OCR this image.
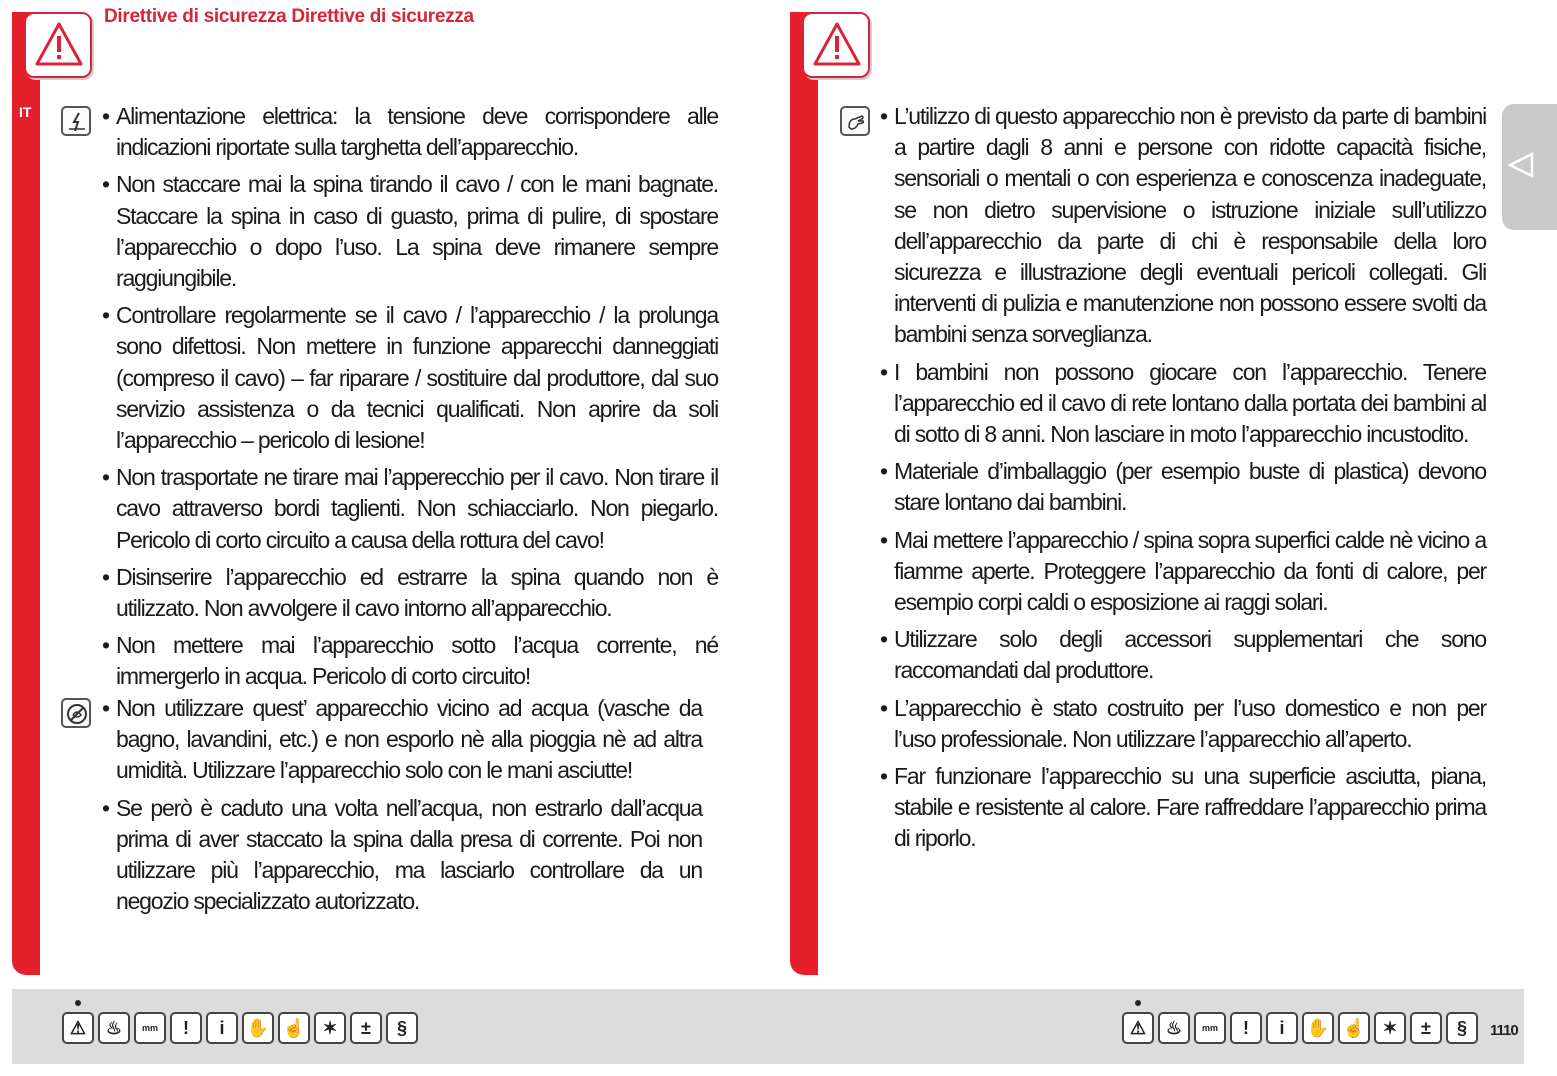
Direttive di sicurezza Direttive di sicurezza
IT
•	Alimentazione elettrica: la tensione deve corrispondere alle indicazioni riportate sulla targhetta dell’apparecchio.
• Non staccare mai la spina tirando il cavo / con le mani bagnate. Staccare la spina in caso di guasto, prima di pulire, di spostare l’apparecchio o dopo l’uso. La spina deve rimanere sempre raggiungibile.
• Controllare regolarmente se il cavo / l’apparecchio / la prolunga sono difettosi. Non mettere in funzione apparecchi danneggiati (compreso il cavo) – far riparare / sostituire dal produttore, dal suo servizio assistenza o da tecnici qualificati. Non aprire da soli l’apparecchio – pericolo di lesione!
• Non trasportate ne tirare mai l’apperecchio per il cavo. Non tirare il cavo attraverso bordi taglienti. Non schiacciarlo. Non piegarlo. Pericolo di corto circuito a causa della rottura del cavo!
• Disinserire l’apparecchio ed estrarre la spina quando non è utilizzato. Non avvolgere il cavo intorno all’apparecchio.
• Non mettere mai l’apparecchio sotto l’acqua corrente, né immergerlo in acqua. Pericolo di corto circuito!
• Non utilizzare quest’ apparecchio vicino ad acqua (vasche da bagno, lavandini, etc.) e non esporlo nè alla pioggia nè ad altra umidità. Utilizzare l’apparecchio solo con le mani asciutte!
• Se però è caduto una volta nell’acqua, non estrarlo dall’acqua prima di aver staccato la spina dalla presa di corrente. Poi non utilizzare più l’apparecchio, ma lasciarlo controllare da un negozio specializzato autorizzato.
• L’utilizzo di questo apparecchio non è previsto da parte di bambini a partire dagli 8 anni e persone con ridotte capacità fisiche, sensoriali o mentali o con esperienza e conoscenza inadeguate, se non dietro supervisione o istruzione iniziale sull’utilizzo dell’apparecchio da parte di chi è responsabile della loro sicurezza e illustrazione degli eventuali pericoli collegati. Gli interventi di pulizia e manutenzione non possono essere svolti da bambini senza sorveglianza.
• I bambini non possono giocare con l’apparecchio. Tenere l’apparecchio ed il cavo di rete lontano dalla portata dei bambini al di sotto di 8 anni. Non lasciare in moto l’apparecchio incustodito.
• Materiale d’imballaggio (per esempio buste di plastica) devono stare lontano dai bambini.
• Mai mettere l’apparecchio / spina sopra superfici calde nè vicino a fiamme aperte. Proteggere l’apparecchio da fonti di calore, per esempio corpi caldi o esposizione ai raggi solari.
• Utilizzare solo degli accessori supplementari che sono raccomandati dal produttore.
• L’apparecchio è stato costruito per l’uso domestico e non per l’uso professionale. Non utilizzare l’apparecchio all’aperto.
• Far funzionare l’apparecchio su una superficie asciutta, piana, stabile e resistente al calore. Fare raffreddare l’apparecchio prima di riporlo.
⚠	♨	mm	!	i	✋ ☝ ✶	±	§	⚠	♨	mm	!	i	✋ ☝ ✶	±	§	1110
